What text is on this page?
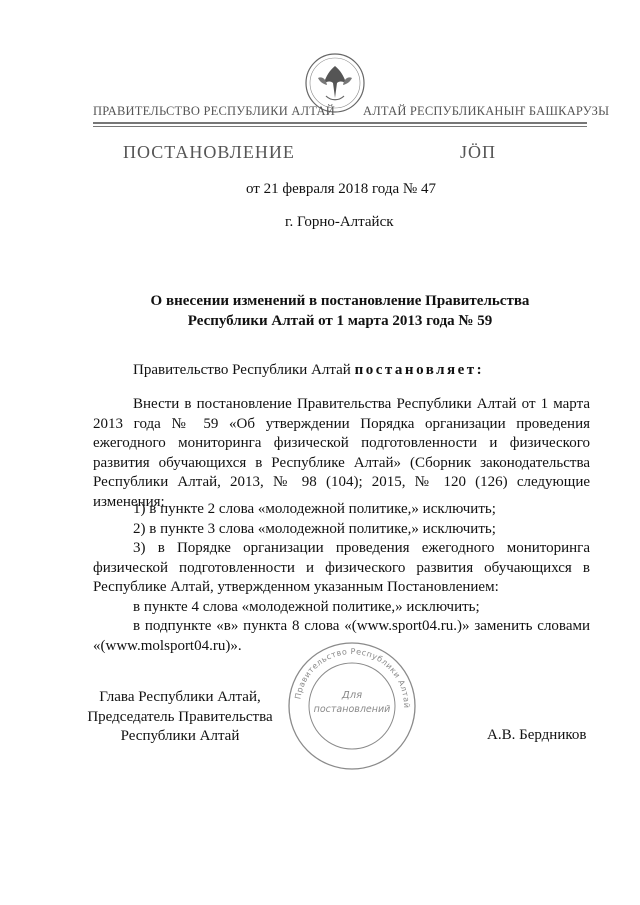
ПРАВИТЕЛЬСТВО РЕСПУБЛИКИ АЛТАЙ АЛТАЙ РЕСПУБЛИКАНЫҤ БАШКАРУЗЫ
ПОСТАНОВЛЕНИЕ	ЈӦП
от 21 февраля 2018 года № 47
г. Горно-Алтайск
О внесении изменений в постановление Правительства
Республики Алтай от 1 марта 2013 года № 59
Правительство Республики Алтай постановляет:
Внести в постановление Правительства Республики Алтай от 1 марта
2013 года № 59 «Об утверждении Порядка организации проведения
ежегодного мониторинга физической подготовленности и физического
развития обучающихся в Республике Алтай» (Сборник законодательства
Республики Алтай, 2013, № 98 (104); 2015, № 120 (126) следующие
изменения:
1) в пункте 2 слова «молодежной политике,» исключить;
2) в пункте 3 слова «молодежной политике,» исключить;
3) в Порядке организации проведения ежегодного мониторинга
физической подготовленности и физического развития обучающихся в
Республике Алтай, утвержденном указанным Постановлением:
в пункте 4 слова «молодежной политике,» исключить;
в подпункте «в» пункта 8 слова «(www.sport04.ru.)» заменить словами
«(www.molsport04.ru)».
Правительство Республики Алтай
Для
постановлений
Глава Республики Алтай,
Председатель Правительства
Республики Алтай	А.В. Бердников
